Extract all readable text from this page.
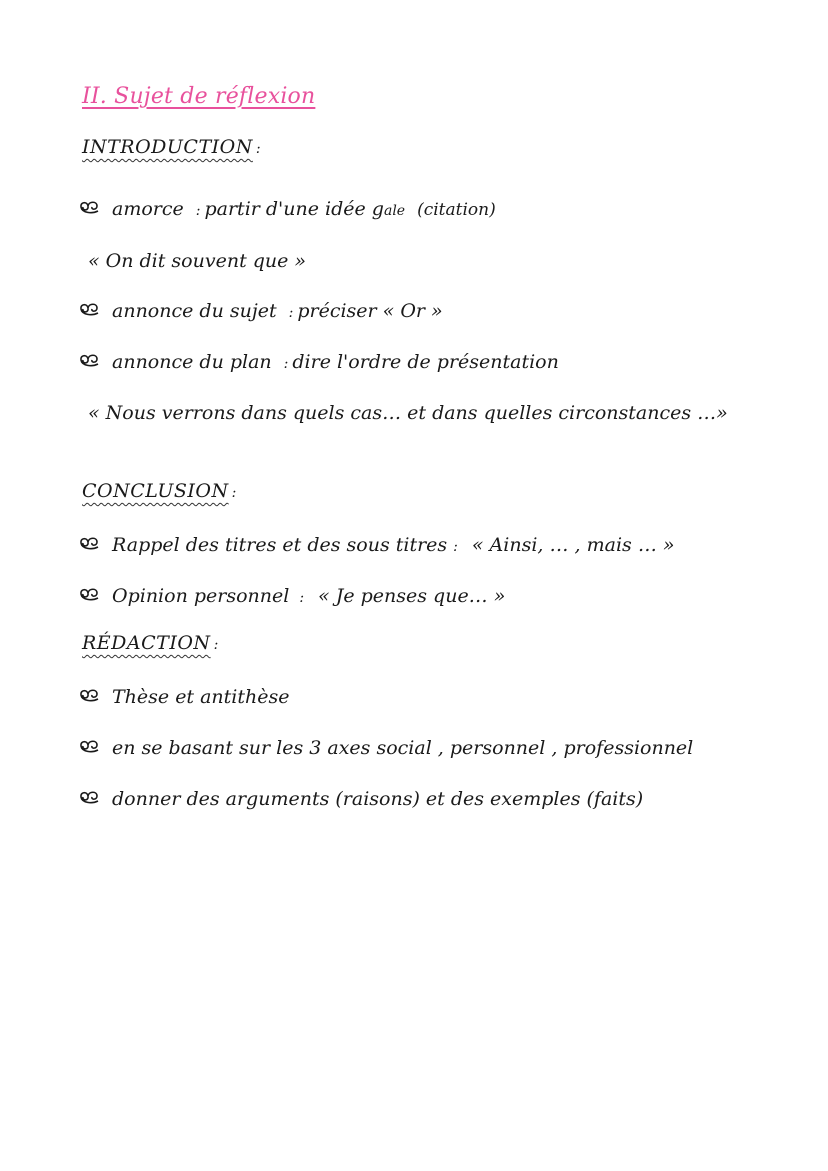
II. Sujet de réflexion
INTRODUCTION :
amorce : partir d'une idée g ale (citation)
« On dit souvent que »
annonce du sujet : préciser « Or »
annonce du plan : dire l'ordre de présentation
« Nous verrons dans quels cas… et dans quelles circonstances …»
CONCLUSION :
Rappel des titres et des sous titres : « Ainsi, … , mais … »
Opinion personnel : « Je penses que… »
RÉDACTION :
Thèse et antithèse
en se basant sur les 3 axes social , personnel , professionnel
donner des arguments (raisons) et des exemples (faits)
